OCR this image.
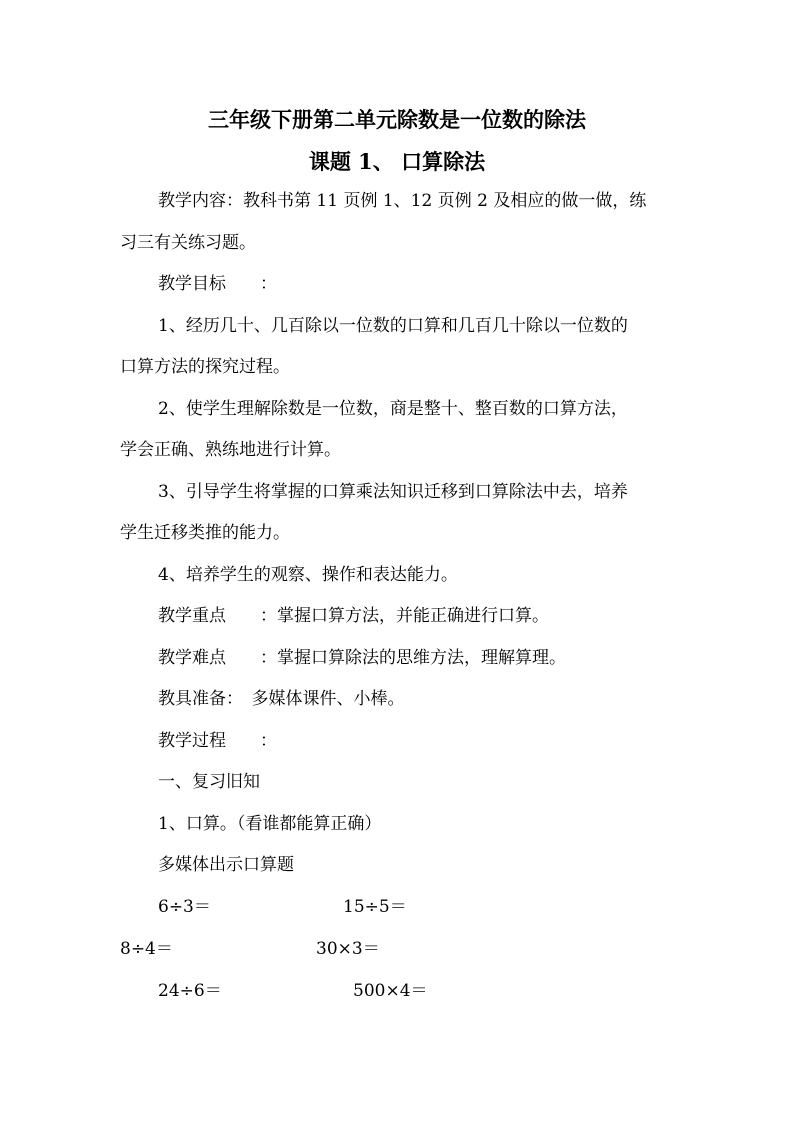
三年级下册第二单元除数是一位数的除法
课题 1、 口算除法
教学内容：教科书第 11 页例 1、12 页例 2 及相应的做一做，练
习三有关练习题。
教学目标　　：
1、经历几十、几百除以一位数的口算和几百几十除以一位数的
口算方法的探究过程。
2、使学生理解除数是一位数，商是整十、整百数的口算方法，
学会正确、熟练地进行计算。
3、引导学生将掌握的口算乘法知识迁移到口算除法中去，培养
学生迁移类推的能力。
4、培养学生的观察、操作和表达能力。
教学重点　　：掌握口算方法，并能正确进行口算。
教学难点　　：掌握口算除法的思维方法，理解算理。
教具准备：　多媒体课件、小棒。
教学过程　　：
一、复习旧知
1、口算。（看谁都能算正确）
多媒体出示口算题
6÷3＝	15÷5＝
8÷4＝	30×3＝
24÷6＝	500×4＝
